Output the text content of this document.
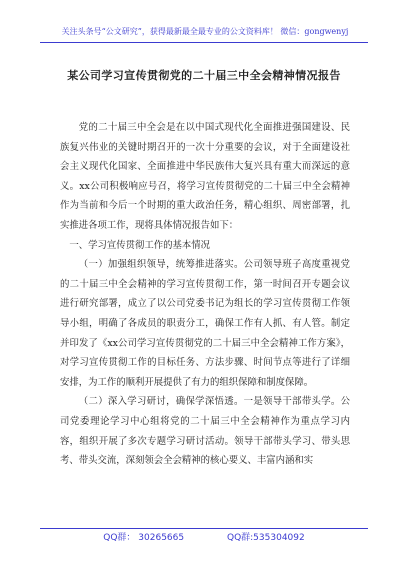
关注头条号“公文研究”，获得最新最全最专业的公文资料库！ 微信：gongwenyj
某公司学习宣传贯彻党的二十届三中全会精神情况报告

党的二十届三中全会是在以中国式现代化全面推进强国建设、民族复兴伟业的关键时期召开的一次十分重要的会议，对于全面建设社会主义现代化国家、全面推进中华民族伟大复兴具有重大而深远的意义。xx公司积极响应号召，将学习宣传贯彻党的二十届三中全会精神作为当前和今后一个时期的重大政治任务，精心组织、周密部署，扎实推进各项工作，现将具体情况报告如下：

一、学习宣传贯彻工作的基本情况

（一）加强组织领导，统筹推进落实。公司领导班子高度重视党的二十届三中全会精神的学习宣传贯彻工作，第一时间召开专题会议进行研究部署，成立了以公司党委书记为组长的学习宣传贯彻工作领导小组，明确了各成员的职责分工，确保工作有人抓、有人管。制定并印发了《xx公司学习宣传贯彻党的二十届三中全会精神工作方案》，对学习宣传贯彻工作的目标任务、方法步骤、时间节点等进行了详细安排，为工作的顺利开展提供了有力的组织保障和制度保障。

（二）深入学习研讨，确保学深悟透。一是领导干部带头学。公司党委理论学习中心组将党的二十届三中全会精神作为重点学习内容，组织开展了多次专题学习研讨活动。领导干部带头学习、带头思考、带头交流，深刻领会全会精神的核心要义、丰富内涵和实

QQ群： 30265665	QQ群:535304092
